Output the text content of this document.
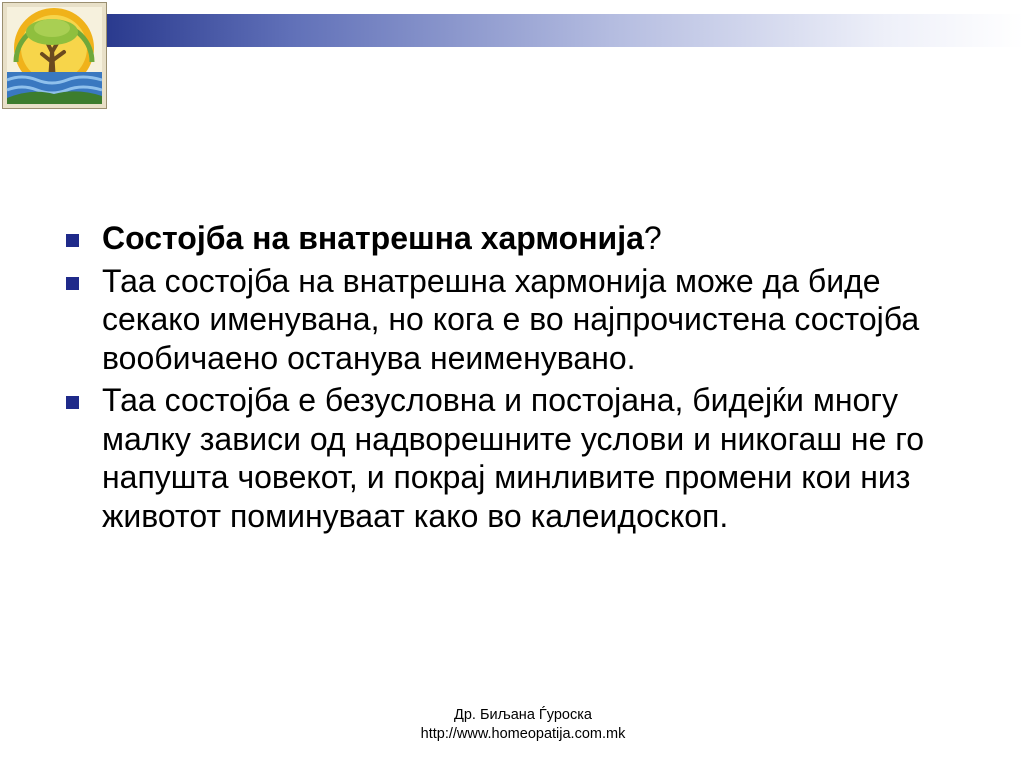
Состојба на внатрешна хармонија?
Таа состојба на внатрешна хармонија може да биде секако именувана, но кога е во најпрочистена состојба вообичаено останува неименувано.
Таа состојба е безусловна и постојана, бидејќи многу малку зависи од надворешните услови и никогаш не го напушта човекот, и покрај минливите промени кои низ животот поминуваат како во калеидоскоп.
Др. Биљана Ѓуроска
http://www.homeopatija.com.mk
